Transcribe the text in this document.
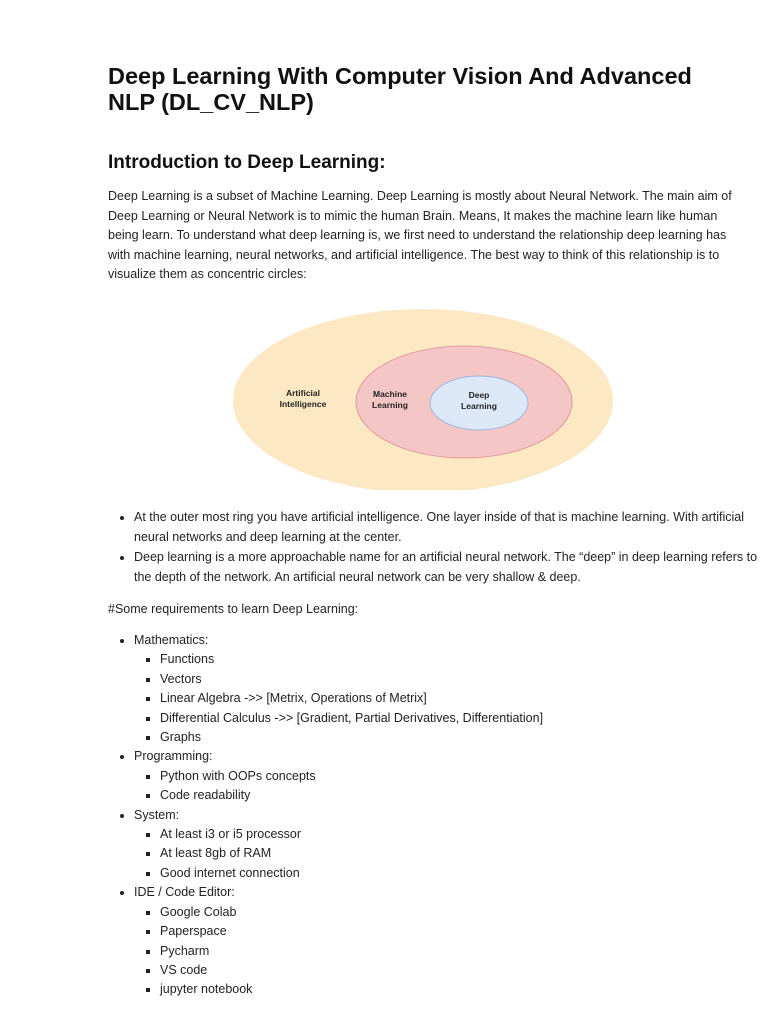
Deep Learning With Computer Vision And Advanced NLP (DL_CV_NLP)
Introduction to Deep Learning:

Deep Learning is a subset of Machine Learning. Deep Learning is mostly about Neural Network. The main aim of Deep Learning or Neural Network is to mimic the human Brain. Means, It makes the machine learn like human being learn. To understand what deep learning is, we first need to understand the relationship deep learning has with machine learning, neural networks, and artificial intelligence. The best way to think of this relationship is to visualize them as concentric circles:

Artificial
Intelligence
Machine
Learning
Deep
Learning
• At the outer most ring you have artificial intelligence. One layer inside of that is machine learning. With artificial neural networks and deep learning at the center.
• Deep learning is a more approachable name for an artificial neural network. The “deep” in deep learning refers to the depth of the network. An artificial neural network can be very shallow & deep.

#Some requirements to learn Deep Learning:

• Mathematics:
▪ Functions
▪ Vectors
▪ Linear Algebra ->> [Metrix, Operations of Metrix]
▪ Differential Calculus ->> [Gradient, Partial Derivatives, Differentiation]
▪ Graphs
• Programming:
▪ Python with OOPs concepts
▪ Code readability
• System:
▪ At least i3 or i5 processor
▪ At least 8gb of RAM
▪ Good internet connection
• IDE / Code Editor:
▪ Google Colab
▪ Paperspace
▪ Pycharm
▪ VS code
▪ jupyter notebook
